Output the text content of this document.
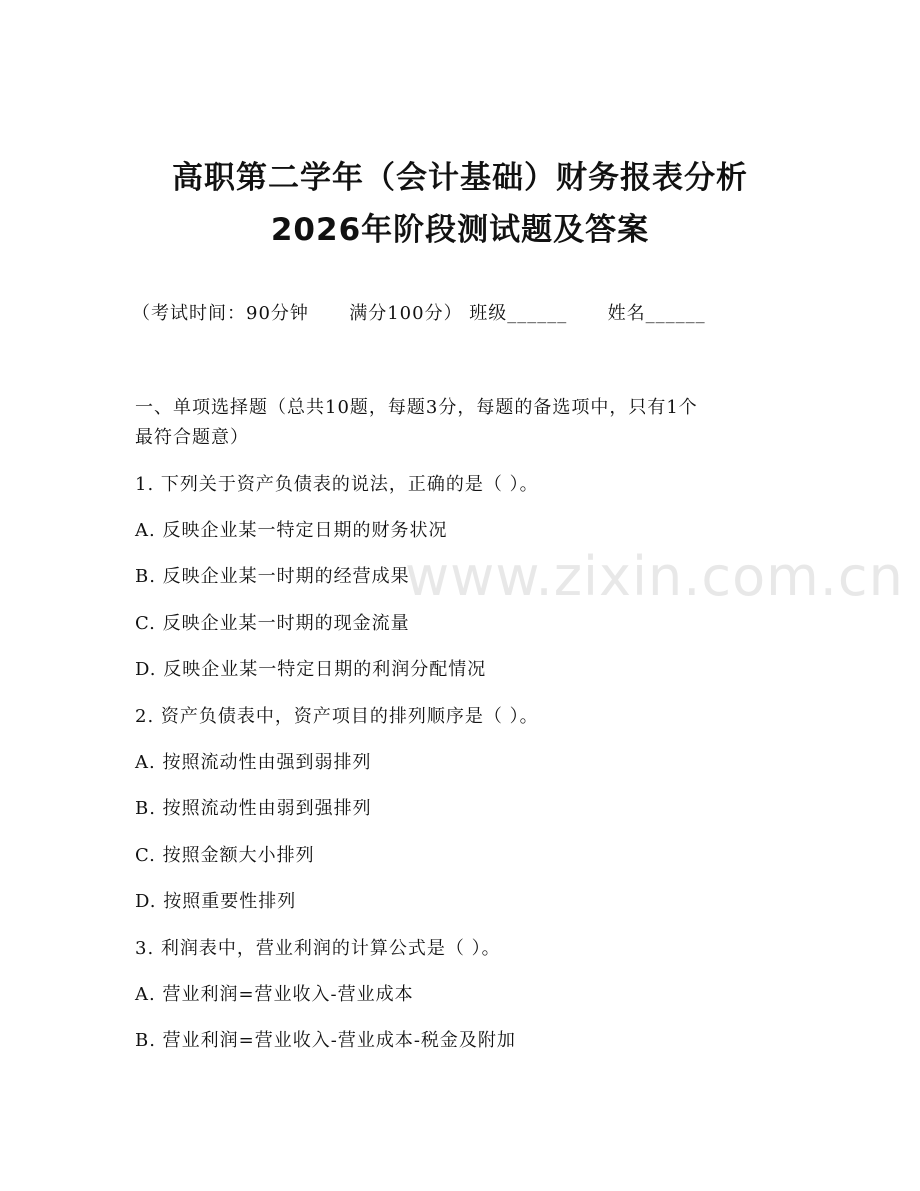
高职第二学年（会计基础）财务报表分析
2026年阶段测试题及答案
（考试时间：90分钟      满分100分） 班级______      姓名______
一、单项选择题（总共10题，每题3分，每题的备选项中，只有1个
最符合题意）
1. 下列关于资产负债表的说法，正确的是（ ）。
A. 反映企业某一特定日期的财务状况
B. 反映企业某一时期的经营成果
C. 反映企业某一时期的现金流量
D. 反映企业某一特定日期的利润分配情况
2. 资产负债表中，资产项目的排列顺序是（ ）。
A. 按照流动性由强到弱排列
B. 按照流动性由弱到强排列
C. 按照金额大小排列
D. 按照重要性排列
3. 利润表中，营业利润的计算公式是（ ）。
A. 营业利润=营业收入-营业成本
B. 营业利润=营业收入-营业成本-税金及附加
www.zixin.com.cn
